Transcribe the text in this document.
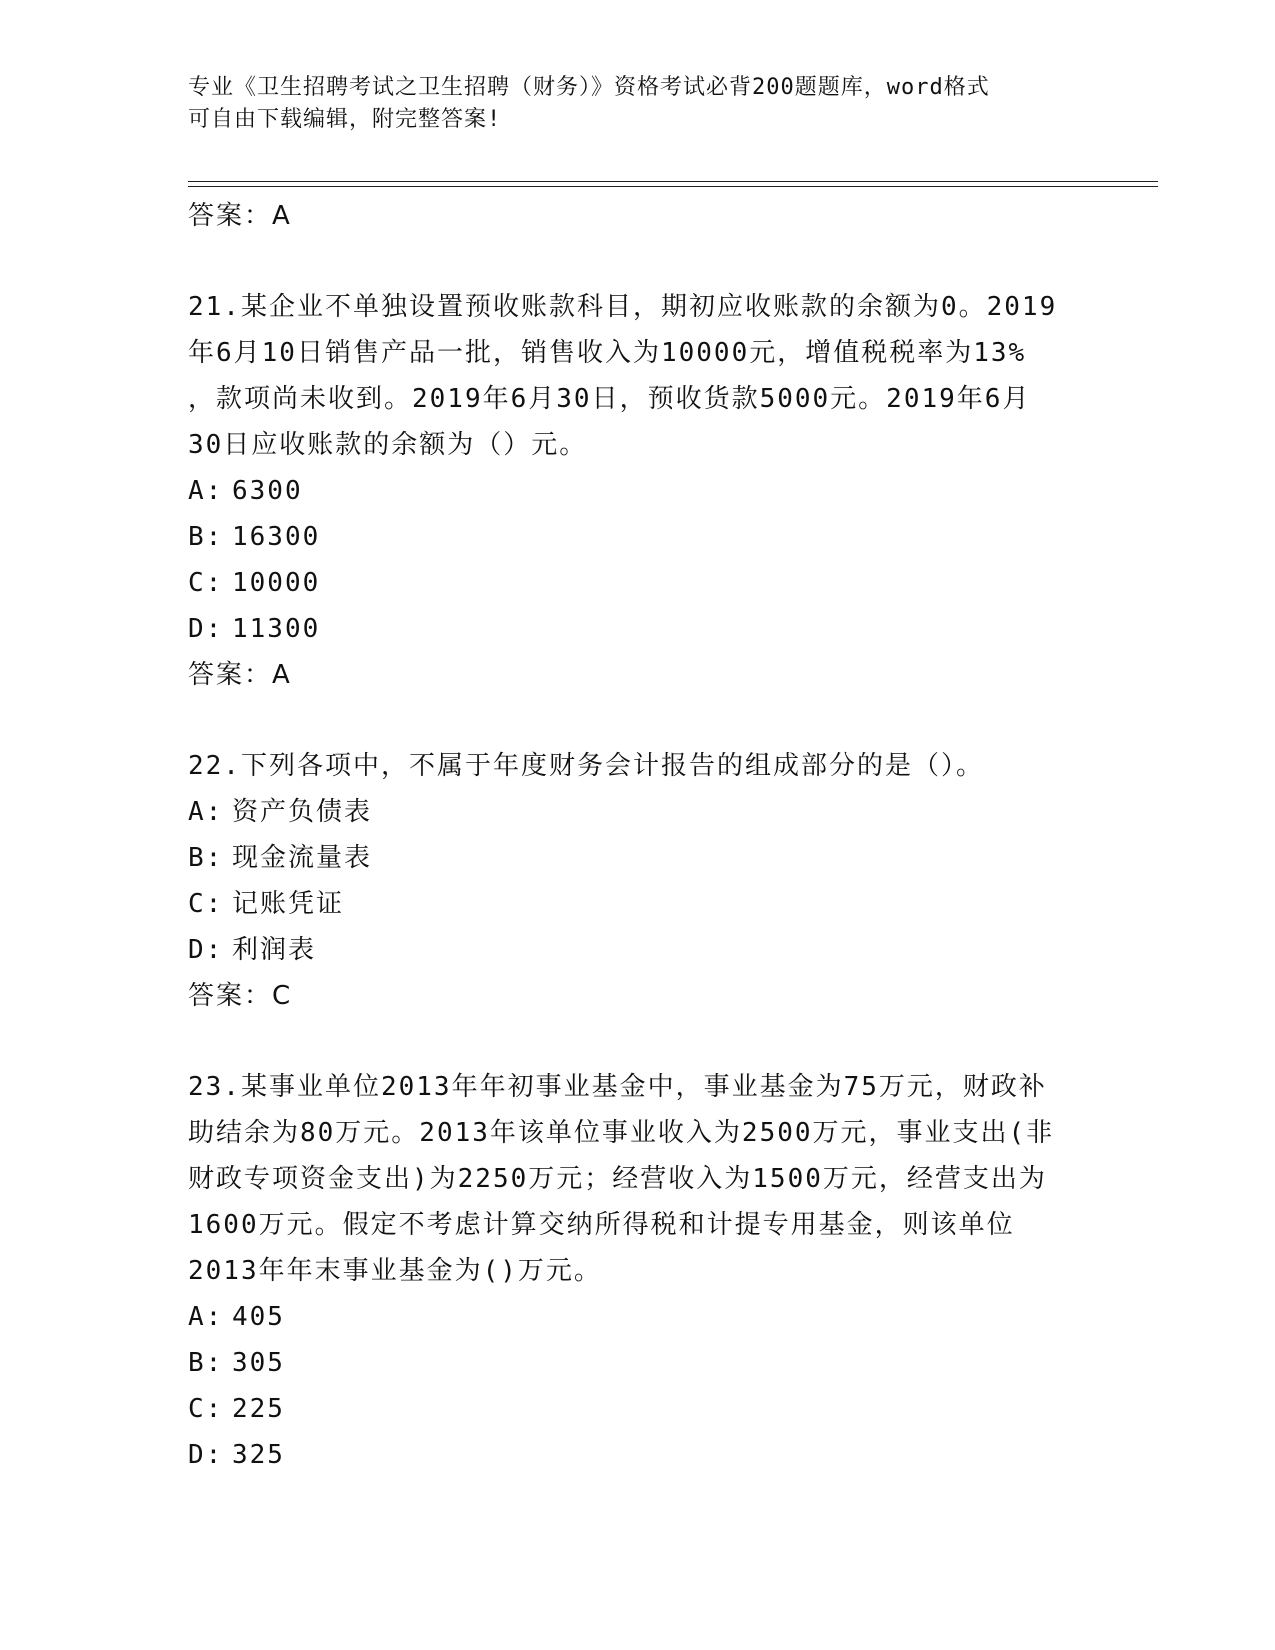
专业《卫生招聘考试之卫生招聘（财务）》资格考试必背200题题库，word格式
可自由下载编辑，附完整答案!
答案：A
21.某企业不单独设置预收账款科目，期初应收账款的余额为0。2019
年6月10日销售产品一批，销售收入为10000元，增值税税率为13%
，款项尚未收到。2019年6月30日，预收货款5000元。2019年6月
30日应收账款的余额为（）元。
A: 6300
B: 16300
C: 10000
D: 11300
答案：A
22.下列各项中，不属于年度财务会计报告的组成部分的是（）。
A: 资产负债表
B: 现金流量表
C: 记账凭证
D: 利润表
答案：C
23.某事业单位2013年年初事业基金中，事业基金为75万元，财政补
助结余为80万元。2013年该单位事业收入为2500万元，事业支出(非
财政专项资金支出)为2250万元；经营收入为1500万元，经营支出为
1600万元。假定不考虑计算交纳所得税和计提专用基金，则该单位
2013年年末事业基金为()万元。
A: 405
B: 305
C: 225
D: 325
